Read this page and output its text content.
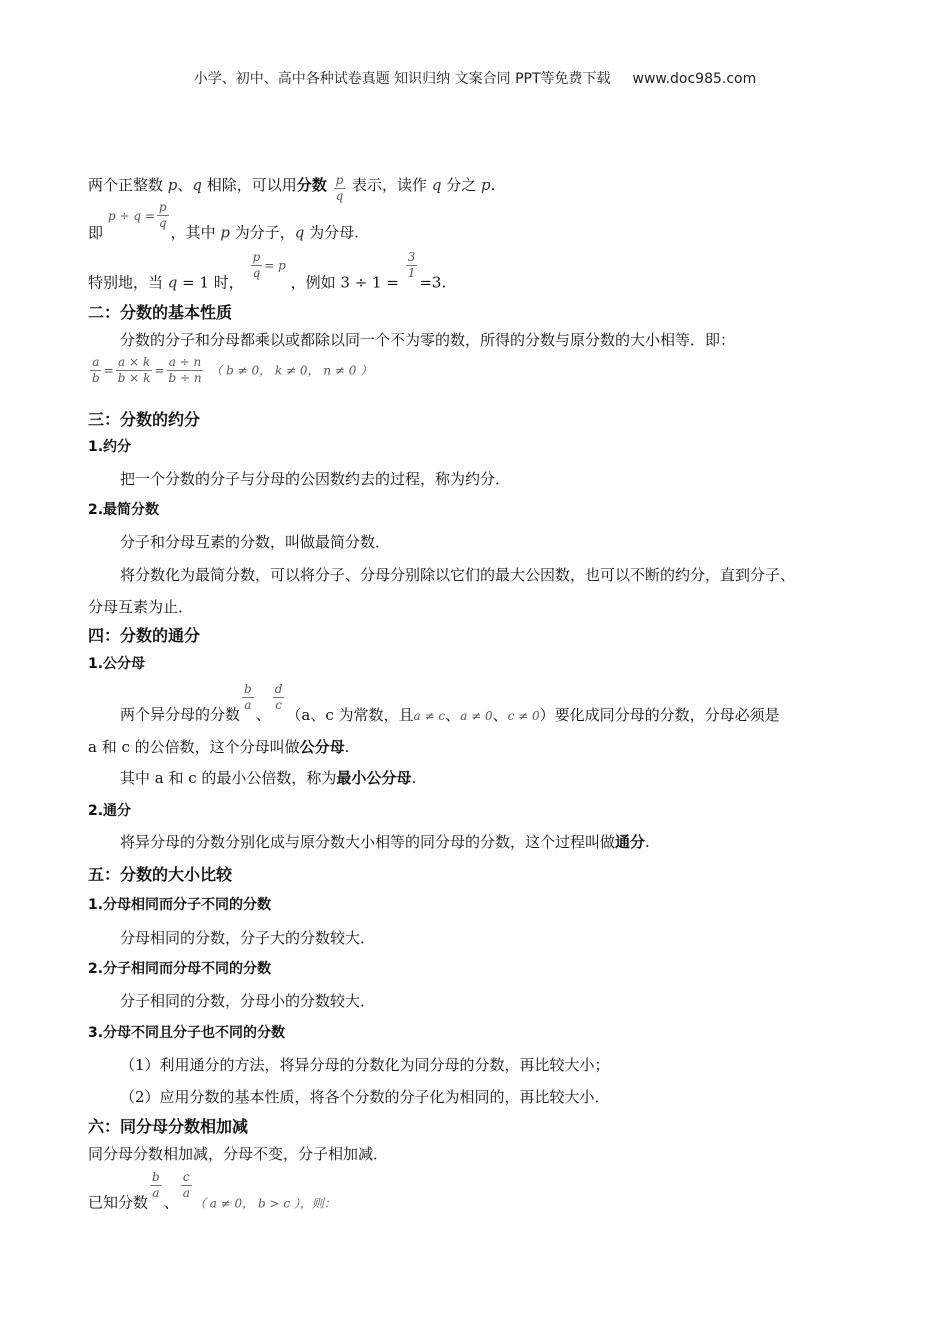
小学、初中、高中各种试卷真题 知识归纳 文案合同 PPT等免费下载 www.doc985.com
两个正整数 p、q 相除，可以用分数 $\frac{p}{q}$ 表示，读作 q 分之 p.
即$p \div q = \frac{p}{q}$
，其中 p 为分子，q 为分母.
特别地，当 q = 1 时，
$\frac{p}{q} = p$ ，例如 3 ÷ 1 =
$\frac{3}{1}$
=3.
二：分数的基本性质
分数的分子和分母都乘以或都除以同一个不为零的数，所得的分数与原分数的大小相等．即：
$\frac{a}{b} = \frac{a \times k}{b \times k} = \frac{a \div n}{b \div n}$ （ b ≠ 0， k ≠ 0， n ≠ 0 ）
三：分数的约分
1.约分
把一个分数的分子与分母的公因数约去的过程，称为约分．
2.最简分数
分子和分母互素的分数，叫做最简分数．
将分数化为最简分数，可以将分子、分母分别除以它们的最大公因数，也可以不断的约分，直到分子、
分母互素为止．
四：分数的通分
1.公分母
两个异分母的分数
$\frac{b}{a}$
、
$\frac{d}{c}$
（a、c 为常数，且a ≠ c、a ≠ 0、c ≠ 0）要化成同分母的分数，分母必须是
a 和 c 的公倍数，这个分母叫做公分母.
其中 a 和 c 的最小公倍数，称为最小公分母.
2.通分
将异分母的分数分别化成与原分数大小相等的同分母的分数，这个过程叫做通分.
五：分数的大小比较
1.分母相同而分子不同的分数
分母相同的分数，分子大的分数较大．
2.分子相同而分母不同的分数
分子相同的分数，分母小的分数较大．
3.分母不同且分子也不同的分数
（1）利用通分的方法，将异分母的分数化为同分母的分数，再比较大小；
（2）应用分数的基本性质，将各个分数的分子化为相同的，再比较大小．
六：同分母分数相加减
同分母分数相加减，分母不变，分子相加减．
已知分数
$\frac{b}{a}$
、
$\frac{c}{a}$
$_{( a \ne 0, b > c ),则:}$
